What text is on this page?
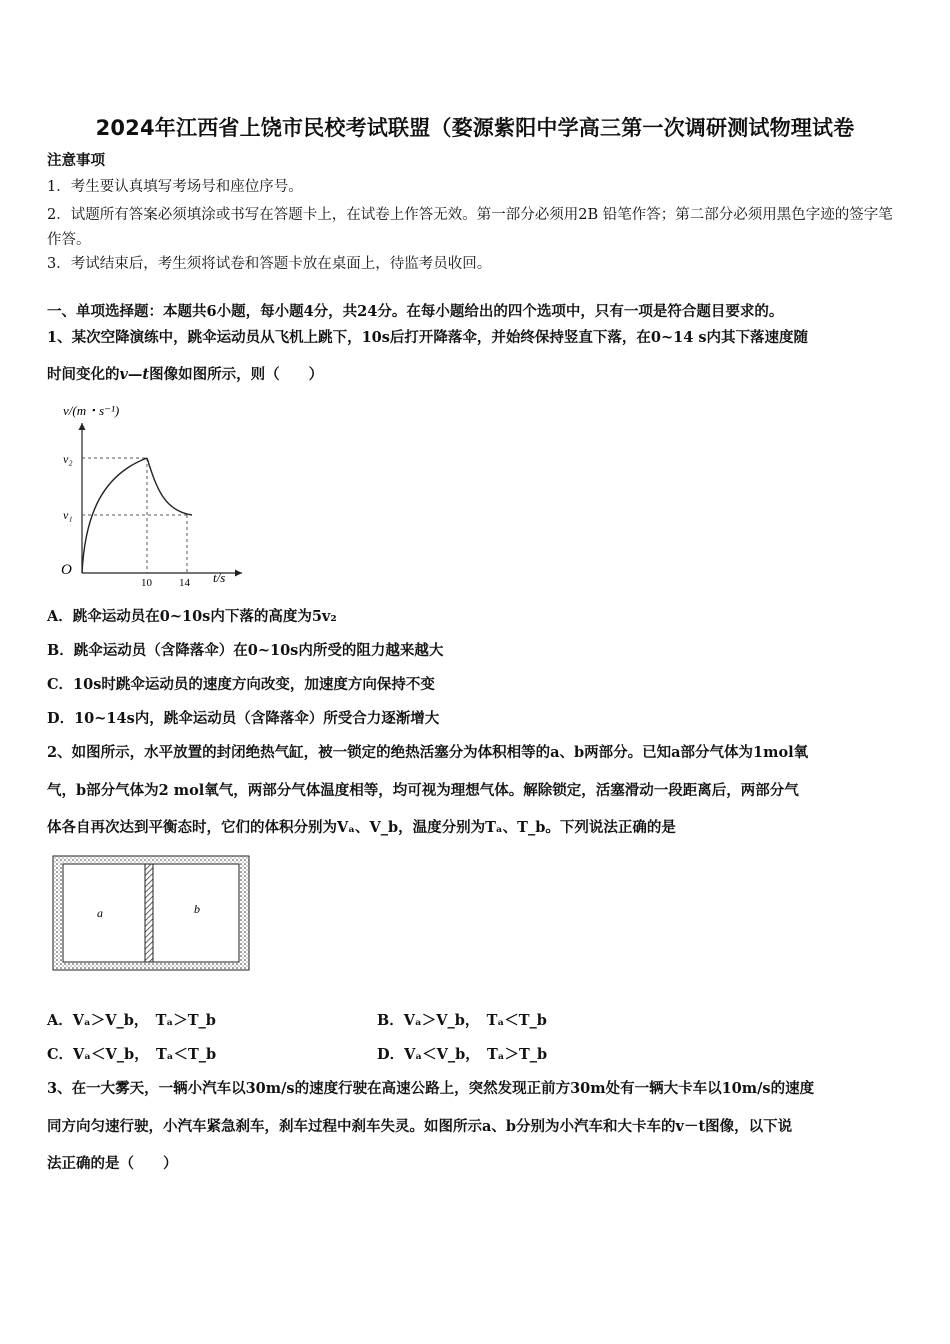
2024年江西省上饶市民校考试联盟（婺源紫阳中学高三第一次调研测试物理试卷
注意事项
1．考生要认真填写考场号和座位序号。
2．试题所有答案必须填涂或书写在答题卡上，在试卷上作答无效。第一部分必须用2B 铅笔作答；第二部分必须用黑色字迹的签字笔作答。
3．考试结束后，考生须将试卷和答题卡放在桌面上，待监考员收回。
一、单项选择题：本题共6小题，每小题4分，共24分。在每小题给出的四个选项中，只有一项是符合题目要求的。
1、某次空降演练中，跳伞运动员从飞机上跳下，10s后打开降落伞，并始终保持竖直下落，在0~14 s内其下落速度随
时间变化的v—t图像如图所示，则（　　）
v/(m・s⁻¹)
v₂
v₁
O
10 14 t/s
A．跳伞运动员在0~10s内下落的高度为5v₂
B．跳伞运动员（含降落伞）在0~10s内所受的阻力越来越大
C．10s时跳伞运动员的速度方向改变，加速度方向保持不变
D．10~14s内，跳伞运动员（含降落伞）所受合力逐渐增大
2、如图所示，水平放置的封闭绝热气缸，被一锁定的绝热活塞分为体积相等的a、b两部分。已知a部分气体为1mol氧
气，b部分气体为2 mol氧气，两部分气体温度相等，均可视为理想气体。解除锁定，活塞滑动一段距离后，两部分气
体各自再次达到平衡态时，它们的体积分别为Vₐ、V_b，温度分别为Tₐ、T_b。下列说法正确的是
a	b
A．Vₐ＞V_b，　Tₐ＞T_b	B．Vₐ＞V_b，　Tₐ＜T_b
C．Vₐ＜V_b，　Tₐ＜T_b	D．Vₐ＜V_b，　Tₐ＞T_b
3、在一大雾天，一辆小汽车以30m/s的速度行驶在高速公路上，突然发现正前方30m处有一辆大卡车以10m/s的速度
同方向匀速行驶，小汽车紧急刹车，刹车过程中刹车失灵。如图所示a、b分别为小汽车和大卡车的v－t图像，以下说
法正确的是（　　）
